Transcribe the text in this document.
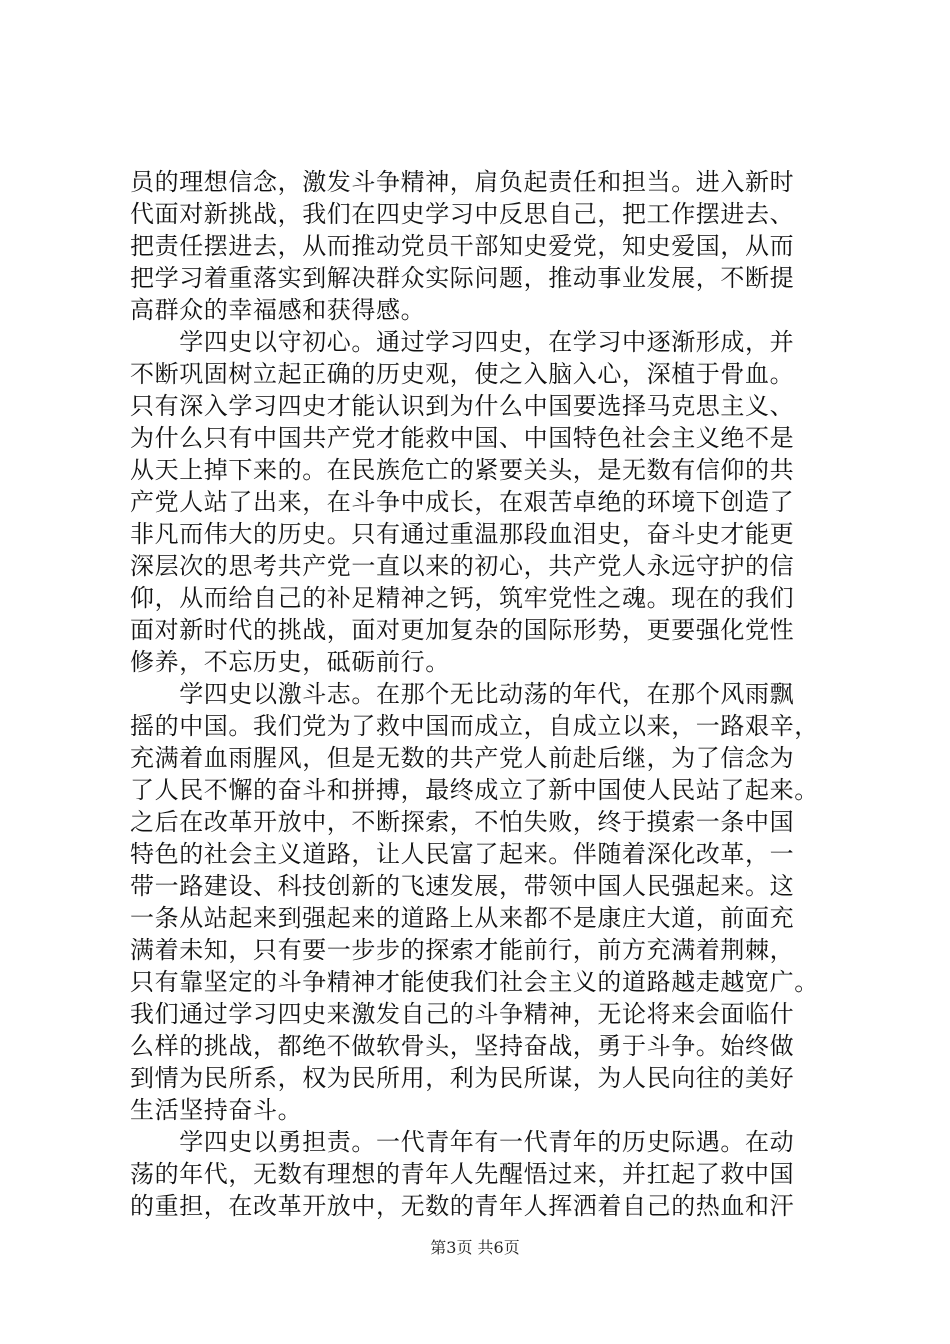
员的理想信念，激发斗争精神，肩负起责任和担当。进入新时
代面对新挑战，我们在四史学习中反思自己，把工作摆进去、
把责任摆进去，从而推动党员干部知史爱党，知史爱国，从而
把学习着重落实到解决群众实际问题，推动事业发展，不断提
高群众的幸福感和获得感。
　　学四史以守初心。通过学习四史，在学习中逐渐形成，并
不断巩固树立起正确的历史观，使之入脑入心，深植于骨血。
只有深入学习四史才能认识到为什么中国要选择马克思主义、
为什么只有中国共产党才能救中国、中国特色社会主义绝不是
从天上掉下来的。在民族危亡的紧要关头，是无数有信仰的共
产党人站了出来，在斗争中成长，在艰苦卓绝的环境下创造了
非凡而伟大的历史。只有通过重温那段血泪史，奋斗史才能更
深层次的思考共产党一直以来的初心，共产党人永远守护的信
仰，从而给自己的补足精神之钙，筑牢党性之魂。现在的我们
面对新时代的挑战，面对更加复杂的国际形势，更要强化党性
修养，不忘历史，砥砺前行。
　　学四史以激斗志。在那个无比动荡的年代，在那个风雨飘
摇的中国。我们党为了救中国而成立，自成立以来，一路艰辛，
充满着血雨腥风，但是无数的共产党人前赴后继，为了信念为
了人民不懈的奋斗和拼搏，最终成立了新中国使人民站了起来。
之后在改革开放中，不断探索，不怕失败，终于摸索一条中国
特色的社会主义道路，让人民富了起来。伴随着深化改革，一
带一路建设、科技创新的飞速发展，带领中国人民强起来。这
一条从站起来到强起来的道路上从来都不是康庄大道，前面充
满着未知，只有要一步步的探索才能前行，前方充满着荆棘，
只有靠坚定的斗争精神才能使我们社会主义的道路越走越宽广。
我们通过学习四史来激发自己的斗争精神，无论将来会面临什
么样的挑战，都绝不做软骨头，坚持奋战，勇于斗争。始终做
到情为民所系，权为民所用，利为民所谋，为人民向往的美好
生活坚持奋斗。
　　学四史以勇担责。一代青年有一代青年的历史际遇。在动
荡的年代，无数有理想的青年人先醒悟过来，并扛起了救中国
的重担，在改革开放中，无数的青年人挥洒着自己的热血和汗
第3页 共6页
